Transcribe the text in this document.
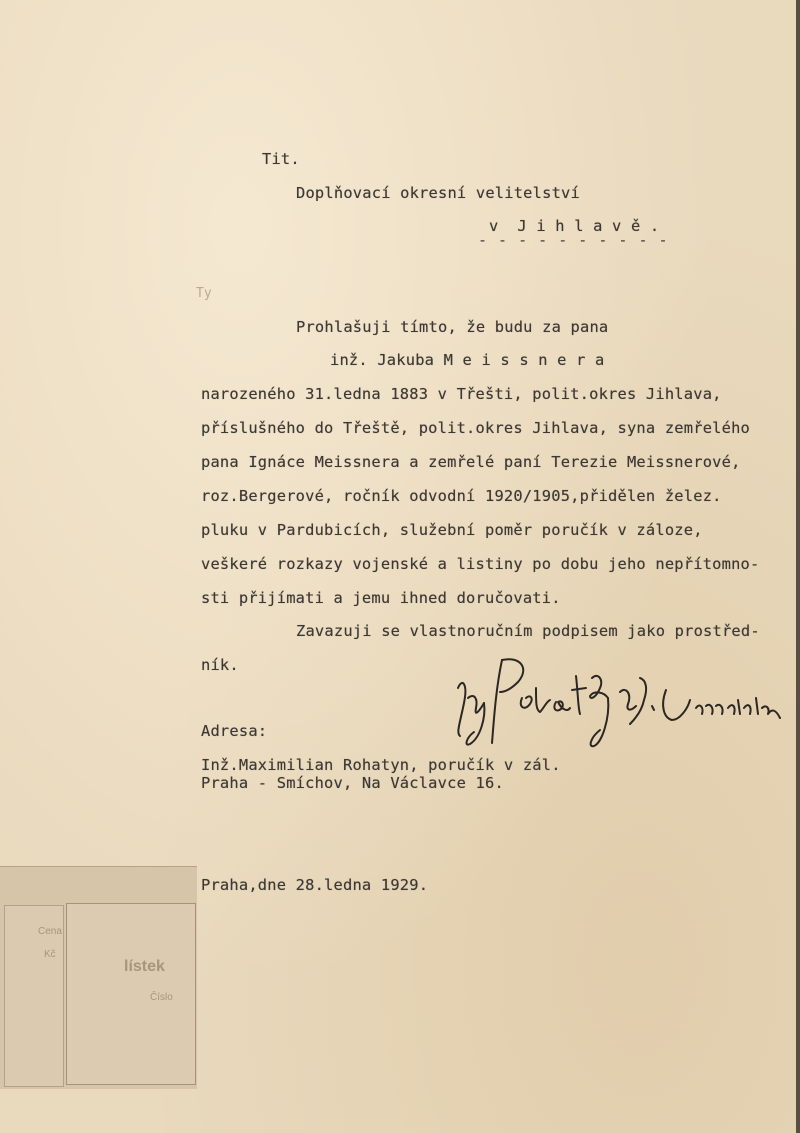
Tit.
Doplňovací okresní velitelství
v  J i h l a v ě .
- - - - - - - - - -
Ty
Prohlašuji tímto, že budu za pana
inž. Jakuba M e i s s n e r a
narozeného 31.ledna 1883 v Třešti, polit.okres Jihlava,
příslušného do Třeště, polit.okres Jihlava, syna zemřelého
pana Ignáce Meissnera a zemřelé paní Terezie Meissnerové,
roz.Bergerové, ročník odvodní 1920/1905,přidělen želez.
pluku v Pardubicích, služební poměr poručík v záloze,
veškeré rozkazy vojenské a listiny po dobu jeho nepřítomno-
sti přijímati a jemu ihned doručovati.
Zavazuji se vlastnoručním podpisem jako prostřed-
ník.
Adresa:
Inž.Maximilian Rohatyn, poručík v zál.
Praha - Smíchov, Na Václavce 16.
Praha,dne 28.ledna 1929.
Cena
Kč
lístek
Číslo
